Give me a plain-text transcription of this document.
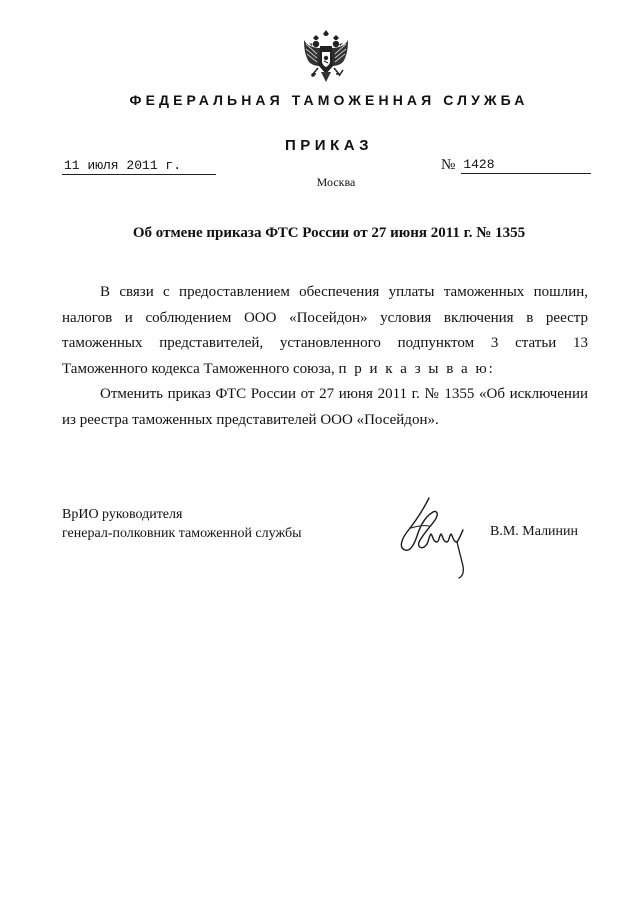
ФЕДЕРАЛЬНАЯ ТАМОЖЕННАЯ СЛУЖБА
ПРИКАЗ
11 июля 2011 г.	№ 1428
Москва
Об отмене приказа ФТС России от 27 июня 2011 г. № 1355

В связи с предоставлением обеспечения уплаты таможенных пошлин, налогов и соблюдением ООО «Посейдон» условия включения в реестр таможенных представителей, установленного подпунктом 3 статьи 13 Таможенного кодекса Таможенного союза, п р и к а з ы в а ю:

Отменить приказ ФТС России от 27 июня 2011 г. № 1355 «Об исключении из реестра таможенных представителей ООО «Посейдон».

ВрИО руководителя
генерал-полковник таможенной службы	В.М. Малинин
